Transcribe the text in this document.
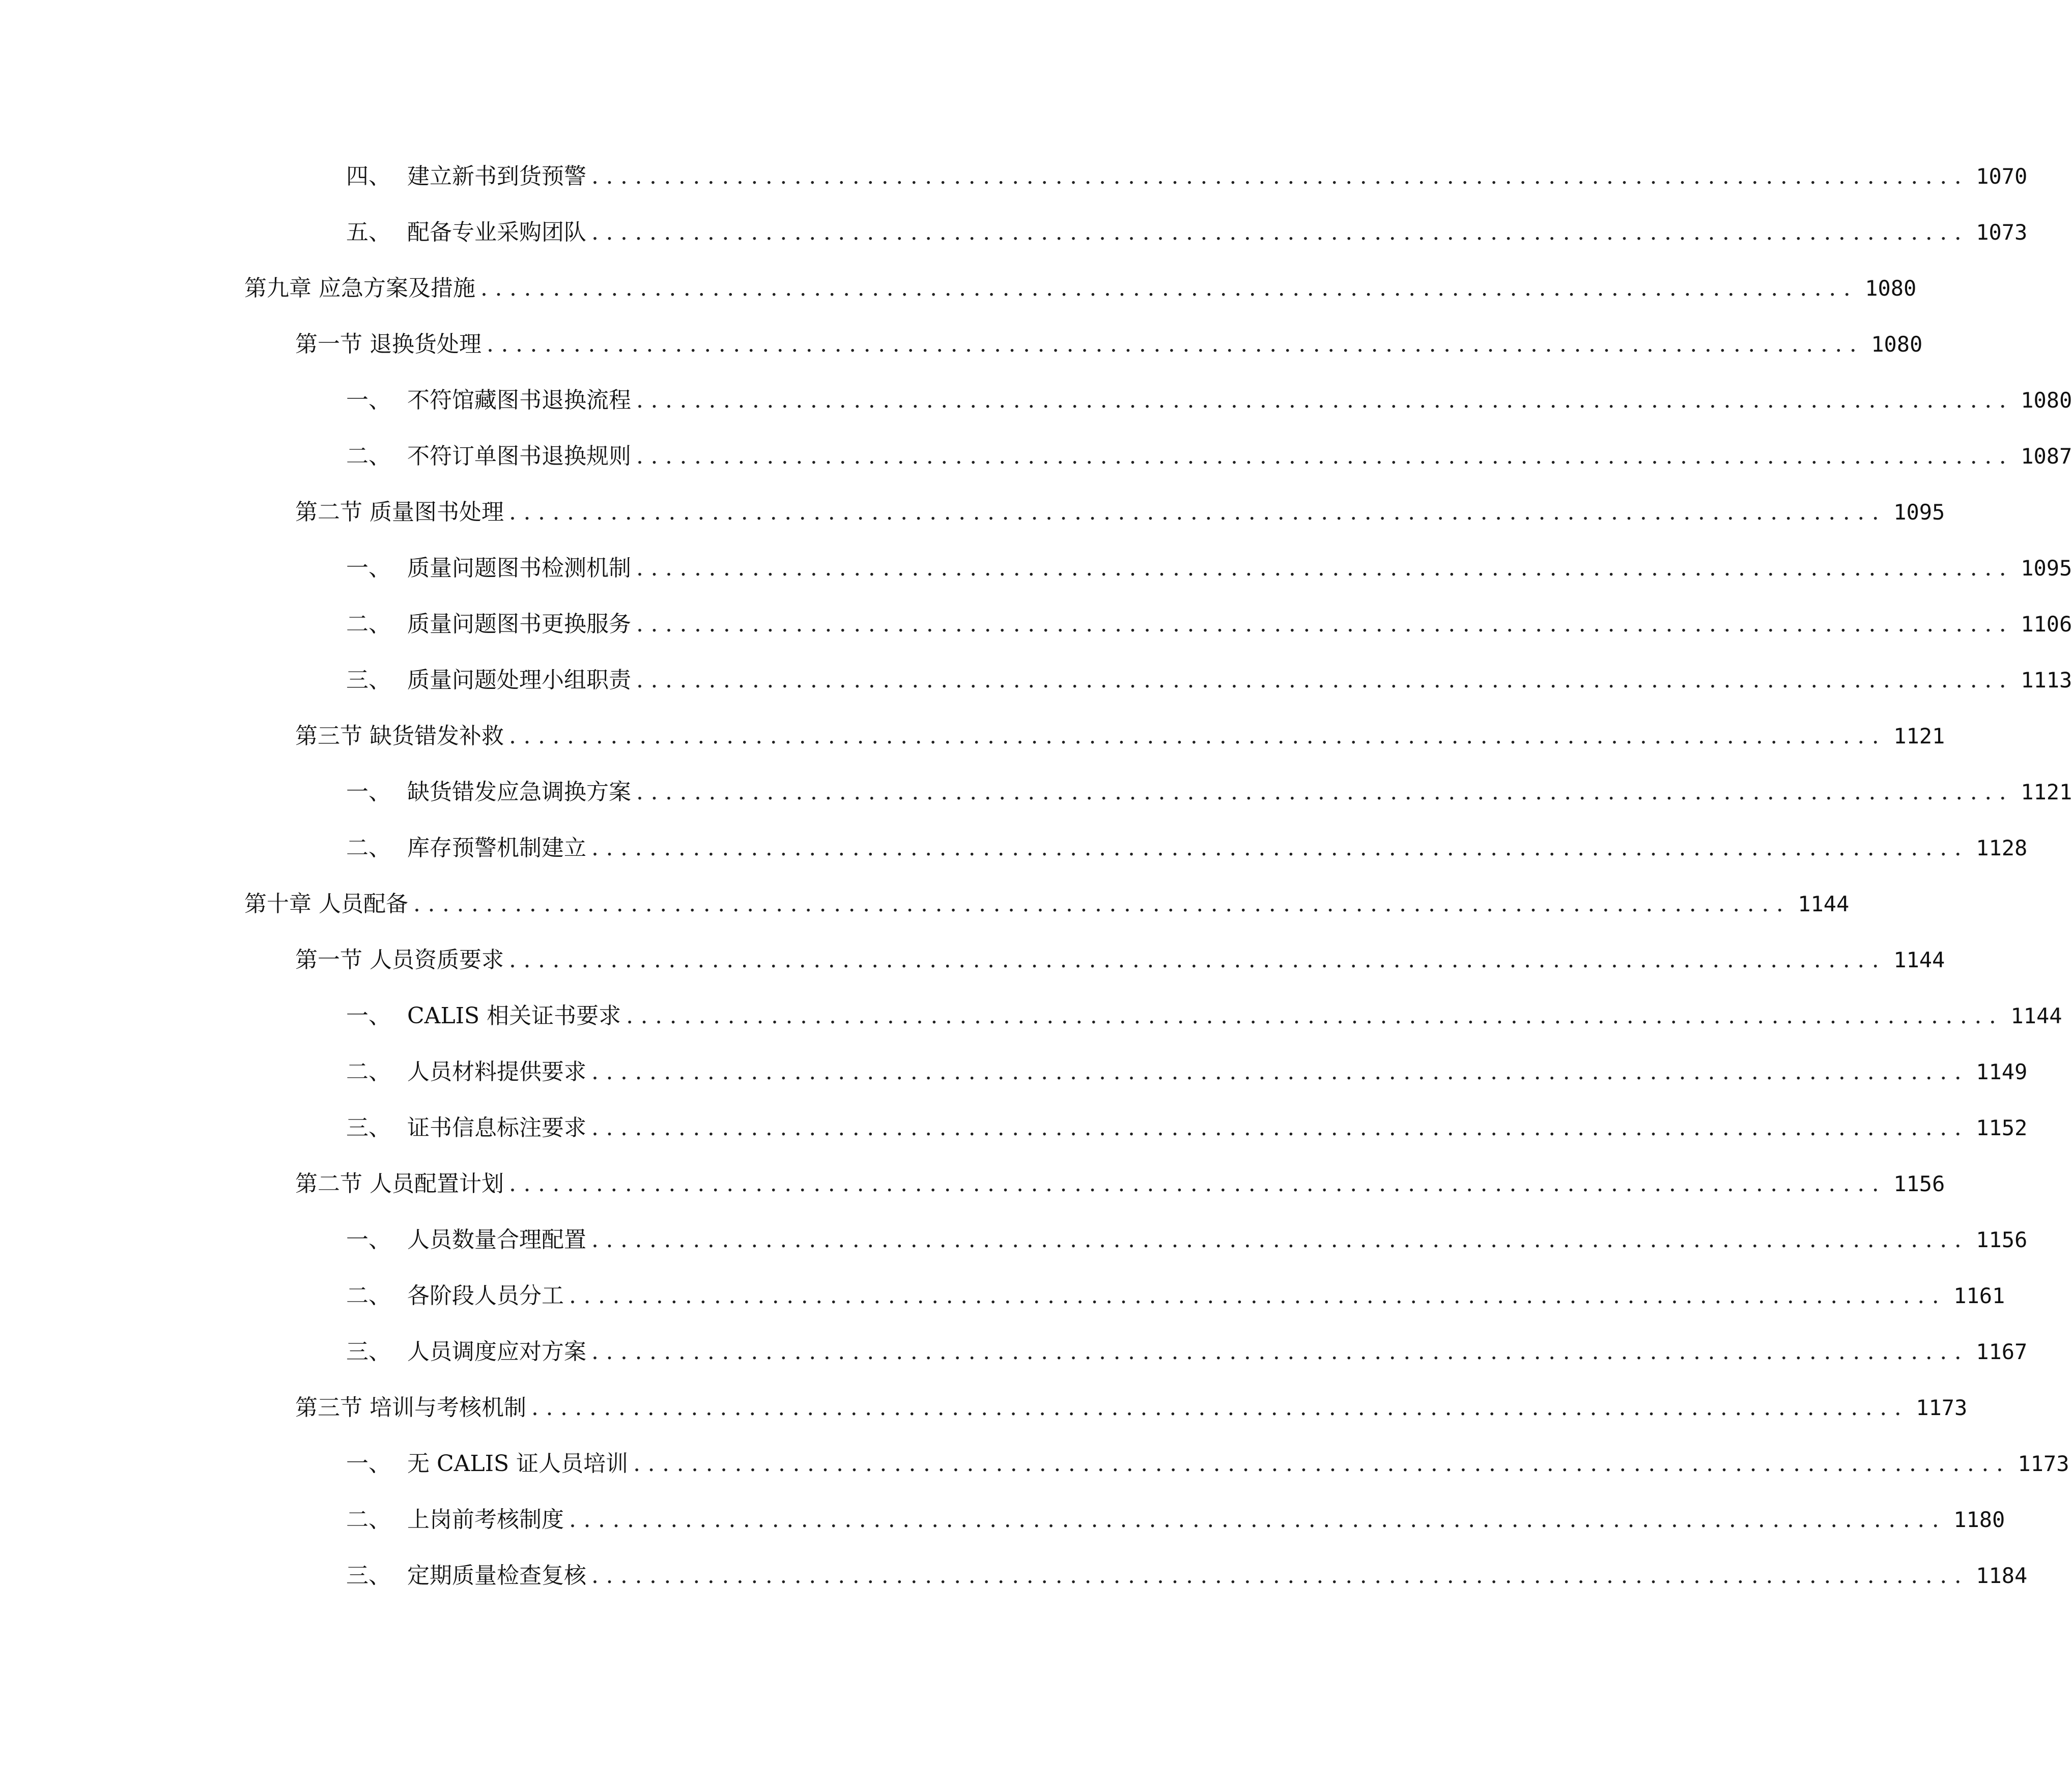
四、 建立新书到货预警 ............................................................................................... 1070
五、 配备专业采购团队 ............................................................................................... 1073
第九章 应急方案及措施 ............................................................................................... 1080
第一节 退换货处理 ............................................................................................... 1080
一、 不符馆藏图书退换流程 ............................................................................................... 1080
二、 不符订单图书退换规则 ............................................................................................... 1087
第二节 质量图书处理 ............................................................................................... 1095
一、 质量问题图书检测机制 ............................................................................................... 1095
二、 质量问题图书更换服务 ............................................................................................... 1106
三、 质量问题处理小组职责 ............................................................................................... 1113
第三节 缺货错发补救 ............................................................................................... 1121
一、 缺货错发应急调换方案 ............................................................................................... 1121
二、 库存预警机制建立 ............................................................................................... 1128
第十章 人员配备 ............................................................................................... 1144
第一节 人员资质要求 ............................................................................................... 1144
一、 CALIS 相关证书要求 ............................................................................................... 1144
二、 人员材料提供要求 ............................................................................................... 1149
三、 证书信息标注要求 ............................................................................................... 1152
第二节 人员配置计划 ............................................................................................... 1156
一、 人员数量合理配置 ............................................................................................... 1156
二、 各阶段人员分工 ............................................................................................... 1161
三、 人员调度应对方案 ............................................................................................... 1167
第三节 培训与考核机制 ............................................................................................... 1173
一、 无 CALIS 证人员培训 ............................................................................................... 1173
二、 上岗前考核制度 ............................................................................................... 1180
三、 定期质量检查复核 ............................................................................................... 1184
